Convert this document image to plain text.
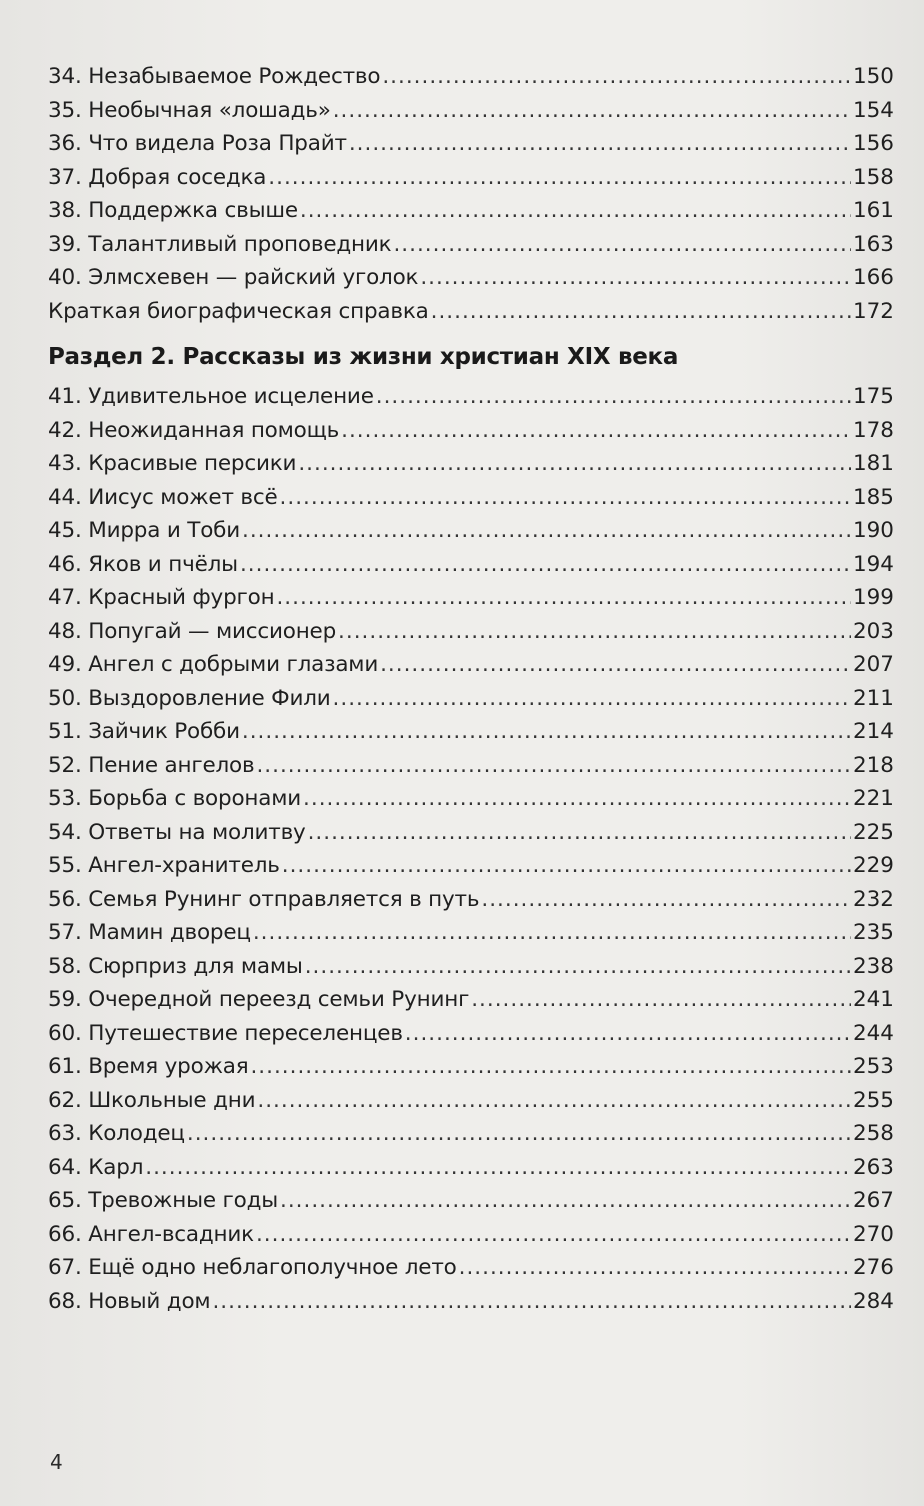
34. Незабываемое Рождество .....	150
35. Необычная «лошадь» .....	154
36. Что видела Роза Прайт .....	156
37. Добрая соседка .....	158
38. Поддержка свыше .....	161
39. Талантливый проповедник .....	163
40. Элмсхевен — райский уголок .....	166
Краткая биографическая справка .....	172
Раздел 2. Рассказы из жизни христиан XIX века
41. Удивительное исцеление .....	175
42. Неожиданная помощь .....	178
43. Красивые персики .....	181
44. Иисус может всё .....	185
45. Мирра и Тоби .....	190
46. Яков и пчёлы .....	194
47. Красный фургон .....	199
48. Попугай — миссионер .....	203
49. Ангел с добрыми глазами .....	207
50. Выздоровление Фили .....	211
51. Зайчик Робби .....	214
52. Пение ангелов .....	218
53. Борьба с воронами .....	221
54. Ответы на молитву .....	225
55. Ангел-хранитель .....	229
56. Семья Рунинг отправляется в путь .....	232
57. Мамин дворец .....	235
58. Сюрприз для мамы .....	238
59. Очередной переезд семьи Рунинг .....	241
60. Путешествие переселенцев .....	244
61. Время урожая .....	253
62. Школьные дни .....	255
63. Колодец .....	258
64. Карл .....	263
65. Тревожные годы .....	267
66. Ангел-всадник .....	270
67. Ещё одно неблагополучное лето .....	276
68. Новый дом .....	284
4
